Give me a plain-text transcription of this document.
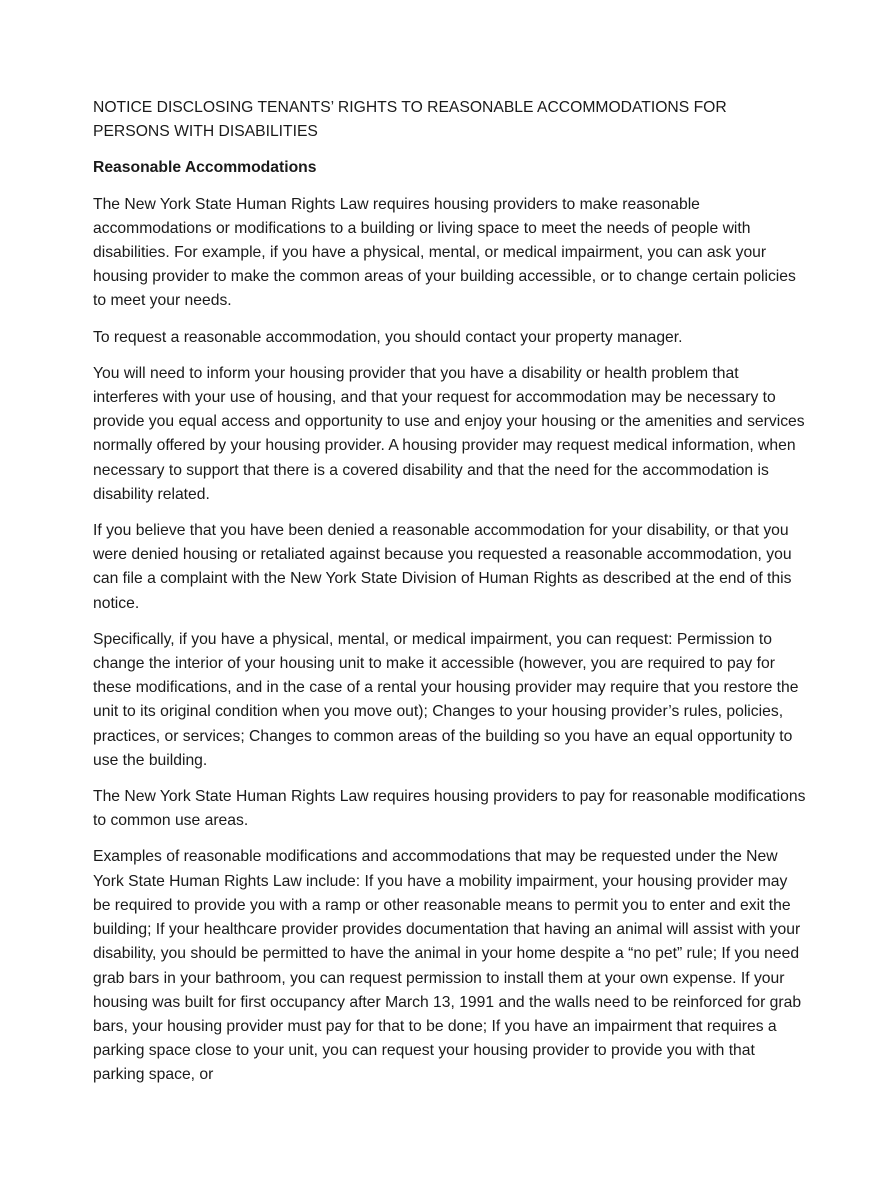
NOTICE DISCLOSING TENANTS’ RIGHTS TO REASONABLE ACCOMMODATIONS FOR PERSONS WITH DISABILITIES
Reasonable Accommodations

The New York State Human Rights Law requires housing providers to make reasonable accommodations or modifications to a building or living space to meet the needs of people with disabilities. For example, if you have a physical, mental, or medical impairment, you can ask your housing provider to make the common areas of your building accessible, or to change certain policies to meet your needs.

To request a reasonable accommodation, you should contact your property manager.

You will need to inform your housing provider that you have a disability or health problem that interferes with your use of housing, and that your request for accommodation may be necessary to provide you equal access and opportunity to use and enjoy your housing or the amenities and services normally offered by your housing provider. A housing provider may request medical information, when necessary to support that there is a covered disability and that the need for the accommodation is disability related.

If you believe that you have been denied a reasonable accommodation for your disability, or that you were denied housing or retaliated against because you requested a reasonable accommodation, you can file a complaint with the New York State Division of Human Rights as described at the end of this notice.

Specifically, if you have a physical, mental, or medical impairment, you can request: Permission to change the interior of your housing unit to make it accessible (however, you are required to pay for these modifications, and in the case of a rental your housing provider may require that you restore the unit to its original condition when you move out); Changes to your housing provider’s rules, policies, practices, or services; Changes to common areas of the building so you have an equal opportunity to use the building.

The New York State Human Rights Law requires housing providers to pay for reasonable modifications to common use areas.

Examples of reasonable modifications and accommodations that may be requested under the New York State Human Rights Law include: If you have a mobility impairment, your housing provider may be required to provide you with a ramp or other reasonable means to permit you to enter and exit the building; If your healthcare provider provides documentation that having an animal will assist with your disability, you should be permitted to have the animal in your home despite a “no pet” rule; If you need grab bars in your bathroom, you can request permission to install them at your own expense. If your housing was built for first occupancy after March 13, 1991 and the walls need to be reinforced for grab bars, your housing provider must pay for that to be done; If you have an impairment that requires a parking space close to your unit, you can request your housing provider to provide you with that parking space, or
